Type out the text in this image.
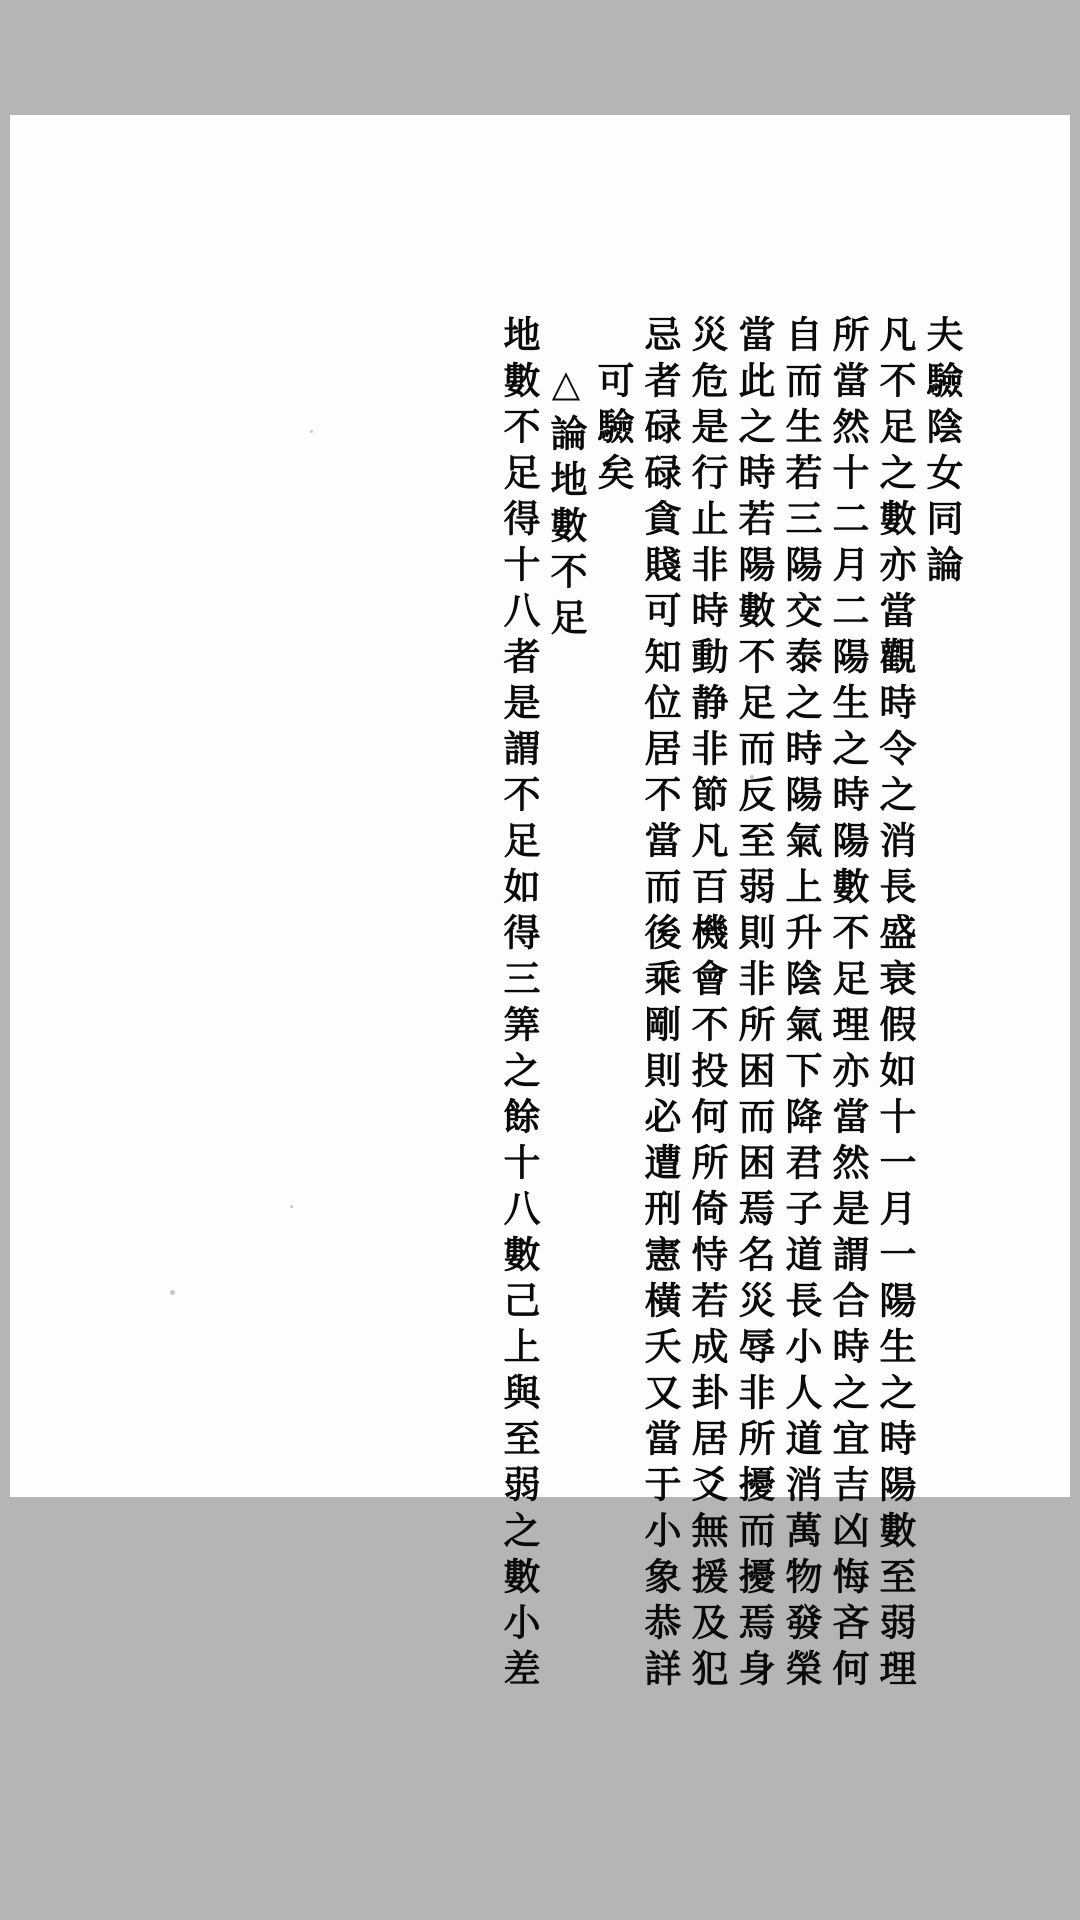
夫驗陰女同論
凡不足之數亦當觀時令之消長盛衰假如十一月一陽生之時陽數至弱理
所當然十二月二陽生之時陽數不足理亦當然是謂合時之宜吉凶悔吝何
自而生若三陽交泰之時陽氣上升陰氣下降君子道長小人道消萬物發榮
當此之時若陽數不足而反至弱則非所困而困焉名災辱非所擾而擾焉身
災危是行止非時動静非節凡百機會不投何所倚恃若成卦居爻無援及犯
忌者碌碌貪賤可知位居不當而後乘剛則必遭刑憲橫夭又當于小象恭詳
可驗矣
△論地數不足
地數不足得十八者是謂不足如得三筭之餘十八數己上與至弱之數小差
